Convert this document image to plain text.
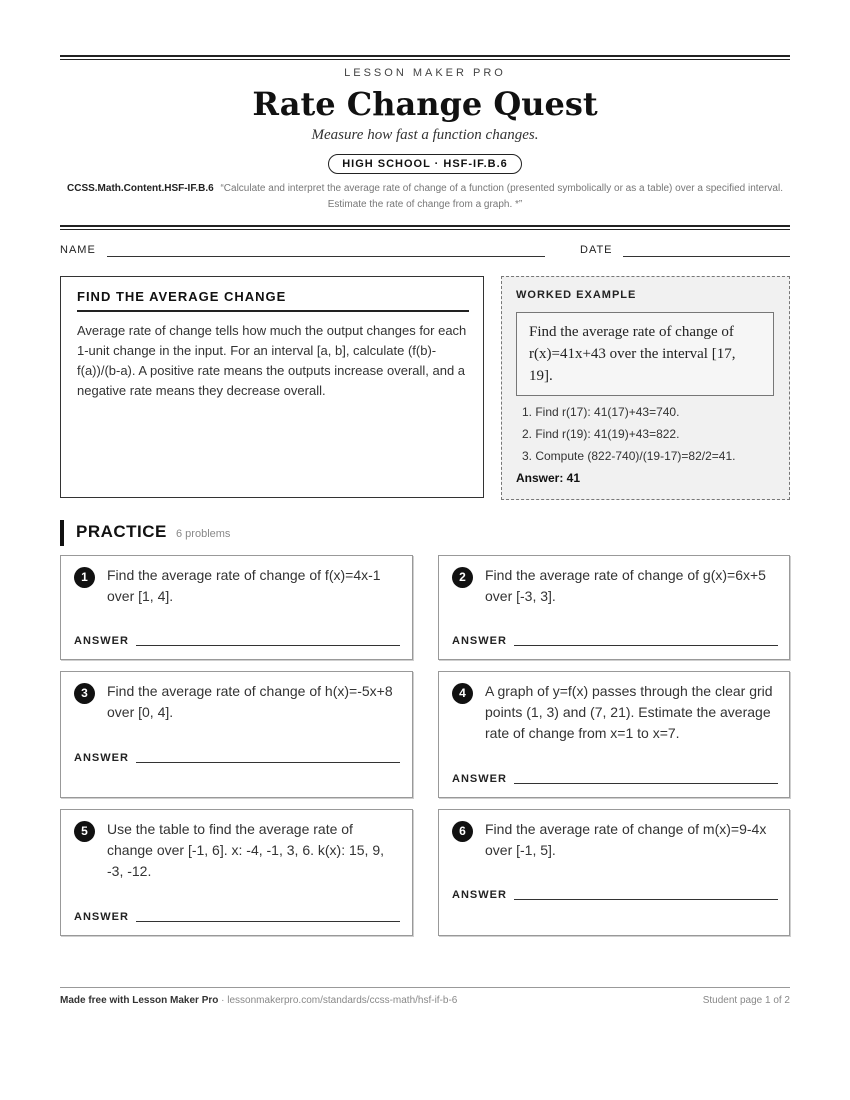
LESSON MAKER PRO
Rate Change Quest
Measure how fast a function changes.
HIGH SCHOOL · HSF-IF.B.6
CCSS.Math.Content.HSF-IF.B.6 “Calculate and interpret the average rate of change of a function (presented symbolically or as a table) over a specified interval. Estimate the rate of change from a graph. *”
NAME	DATE
FIND THE AVERAGE CHANGE
Average rate of change tells how much the output changes for each 1-unit change in the input. For an interval [a, b], calculate (f(b)-f(a))/(b-a). A positive rate means the outputs increase overall, and a negative rate means they decrease overall.
WORKED EXAMPLE
Find the average rate of change of r(x)=41x+43 over the interval [17, 19].
1. Find r(17): 41(17)+43=740.
2. Find r(19): 41(19)+43=822.
3. Compute (822-740)/(19-17)=82/2=41.
Answer: 41
PRACTICE 6 problems
1	Find the average rate of change of f(x)=4x-1 over [1, 4].
ANSWER
2	Find the average rate of change of g(x)=6x+5 over [-3, 3].
ANSWER
3	Find the average rate of change of h(x)=-5x+8 over [0, 4].
ANSWER
4	A graph of y=f(x) passes through the clear grid points (1, 3) and (7, 21). Estimate the average rate of change from x=1 to x=7.
ANSWER
5	Use the table to find the average rate of change over [-1, 6]. x: -4, -1, 3, 6. k(x): 15, 9, -3, -12.
ANSWER
6	Find the average rate of change of m(x)=9-4x over [-1, 5].
ANSWER
Made free with Lesson Maker Pro · lessonmakerpro.com/standards/ccss-math/hsf-if-b-6	Student page 1 of 2
